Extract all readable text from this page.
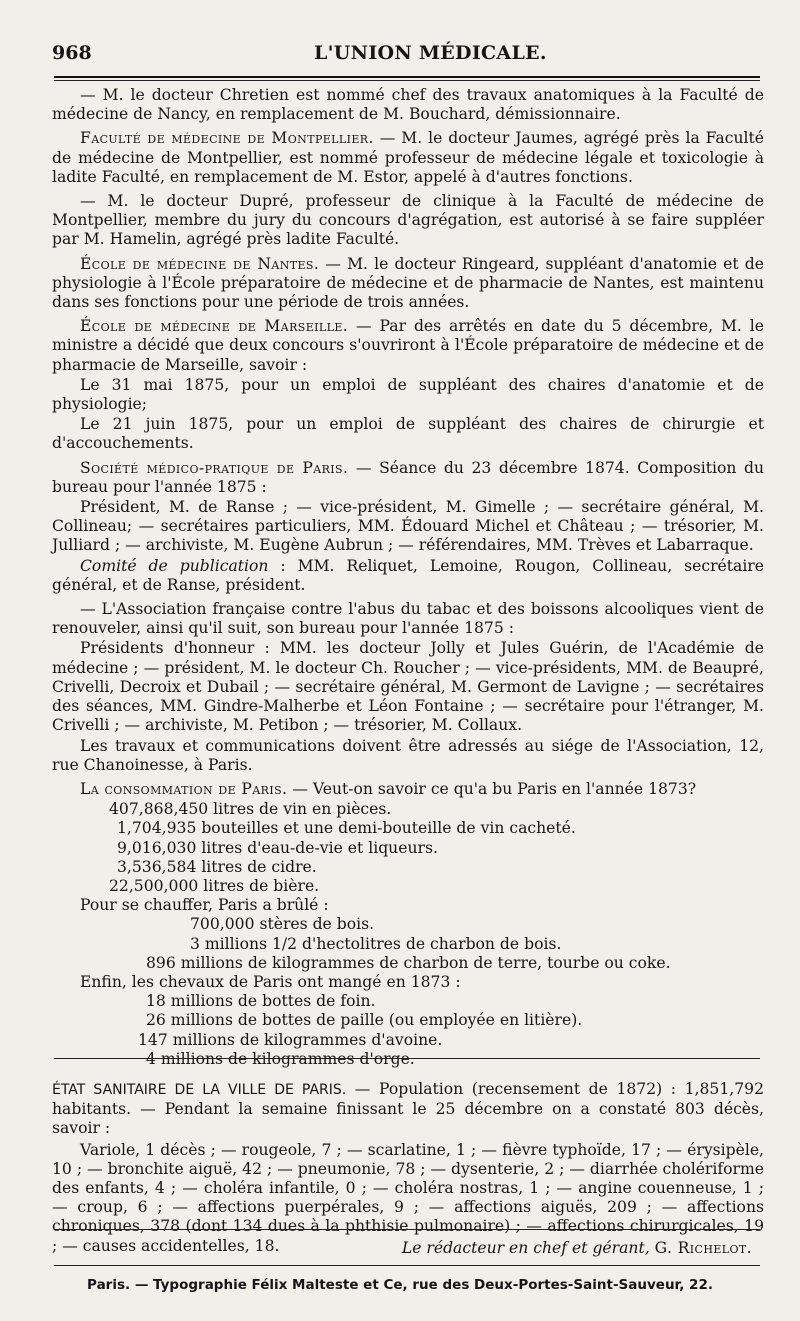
968	L'UNION MÉDICALE.

— M. le docteur Chretien est nommé chef des travaux anatomiques à la Faculté de médecine de Nancy, en remplacement de M. Bouchard, démissionnaire.

Faculté de médecine de Montpellier. — M. le docteur Jaumes, agrégé près la Faculté de médecine de Montpellier, est nommé professeur de médecine légale et toxicologie à ladite Faculté, en remplacement de M. Estor, appelé à d'autres fonctions.

— M. le docteur Dupré, professeur de clinique à la Faculté de médecine de Montpellier, membre du jury du concours d'agrégation, est autorisé à se faire suppléer par M. Hamelin, agrégé près ladite Faculté.

École de médecine de Nantes. — M. le docteur Ringeard, suppléant d'anatomie et de physiologie à l'École préparatoire de médecine et de pharmacie de Nantes, est maintenu dans ses fonctions pour une période de trois années.

École de médecine de Marseille. — Par des arrêtés en date du 5 décembre, M. le ministre a décidé que deux concours s'ouvriront à l'École préparatoire de médecine et de pharmacie de Marseille, savoir :

Le 31 mai 1875, pour un emploi de suppléant des chaires d'anatomie et de physiologie;

Le 21 juin 1875, pour un emploi de suppléant des chaires de chirurgie et d'accouchements.

Société médico-pratique de Paris. — Séance du 23 décembre 1874. Composition du bureau pour l'année 1875 :

Président, M. de Ranse ; — vice-président, M. Gimelle ; — secrétaire général, M. Collineau; — secrétaires particuliers, MM. Édouard Michel et Château ; — trésorier, M. Julliard ; — archiviste, M. Eugène Aubrun ; — référendaires, MM. Trèves et Labarraque.

Comité de publication : MM. Reliquet, Lemoine, Rougon, Collineau, secrétaire général, et de Ranse, président.

— L'Association française contre l'abus du tabac et des boissons alcooliques vient de renouveler, ainsi qu'il suit, son bureau pour l'année 1875 :

Présidents d'honneur : MM. les docteur Jolly et Jules Guérin, de l'Académie de médecine ; — président, M. le docteur Ch. Roucher ; — vice-présidents, MM. de Beaupré, Crivelli, Decroix et Dubail ; — secrétaire général, M. Germont de Lavigne ; — secrétaires des séances, MM. Gindre-Malherbe et Léon Fontaine ; — secrétaire pour l'étranger, M. Crivelli ; — archiviste, M. Petibon ; — trésorier, M. Collaux.

Les travaux et communications doivent être adressés au siége de l'Association, 12, rue Chanoinesse, à Paris.

La consommation de Paris. — Veut-on savoir ce qu'a bu Paris en l'année 1873?

407,868,450 litres de vin en pièces.
1,704,935 bouteilles et une demi-bouteille de vin cacheté.
9,016,030 litres d'eau-de-vie et liqueurs.
3,536,584 litres de cidre.
22,500,000 litres de bière.
Pour se chauffer, Paris a brûlé :
700,000 stères de bois.
3 millions 1/2 d'hectolitres de charbon de bois.
896 millions de kilogrammes de charbon de terre, tourbe ou coke.
Enfin, les chevaux de Paris ont mangé en 1873 :
18 millions de bottes de foin.
26 millions de bottes de paille (ou employée en litière).
147 millions de kilogrammes d'avoine.
4 millions de kilogrammes d'orge.

ÉTAT SANITAIRE DE LA VILLE DE PARIS. — Population (recensement de 1872) : 1,851,792 habitants. — Pendant la semaine finissant le 25 décembre on a constaté 803 décès, savoir :

Variole, 1 décès ; — rougeole, 7 ; — scarlatine, 1 ; — fièvre typhoïde, 17 ; — érysipèle, 10 ; — bronchite aiguë, 42 ; — pneumonie, 78 ; — dysenterie, 2 ; — diarrhée cholériforme des enfants, 4 ; — choléra infantile, 0 ; — choléra nostras, 1 ; — angine couenneuse, 1 ; — croup, 6 ; — affections puerpérales, 9 ; — affections aiguës, 209 ; — affections chroniques, 378 (dont 134 dues à la phthisie pulmonaire) ; — affections chirurgicales, 19 ; — causes accidentelles, 18.	Le rédacteur en chef et gérant, G. Richelot.
Paris. — Typographie Félix Malteste et Ce, rue des Deux-Portes-Saint-Sauveur, 22.
